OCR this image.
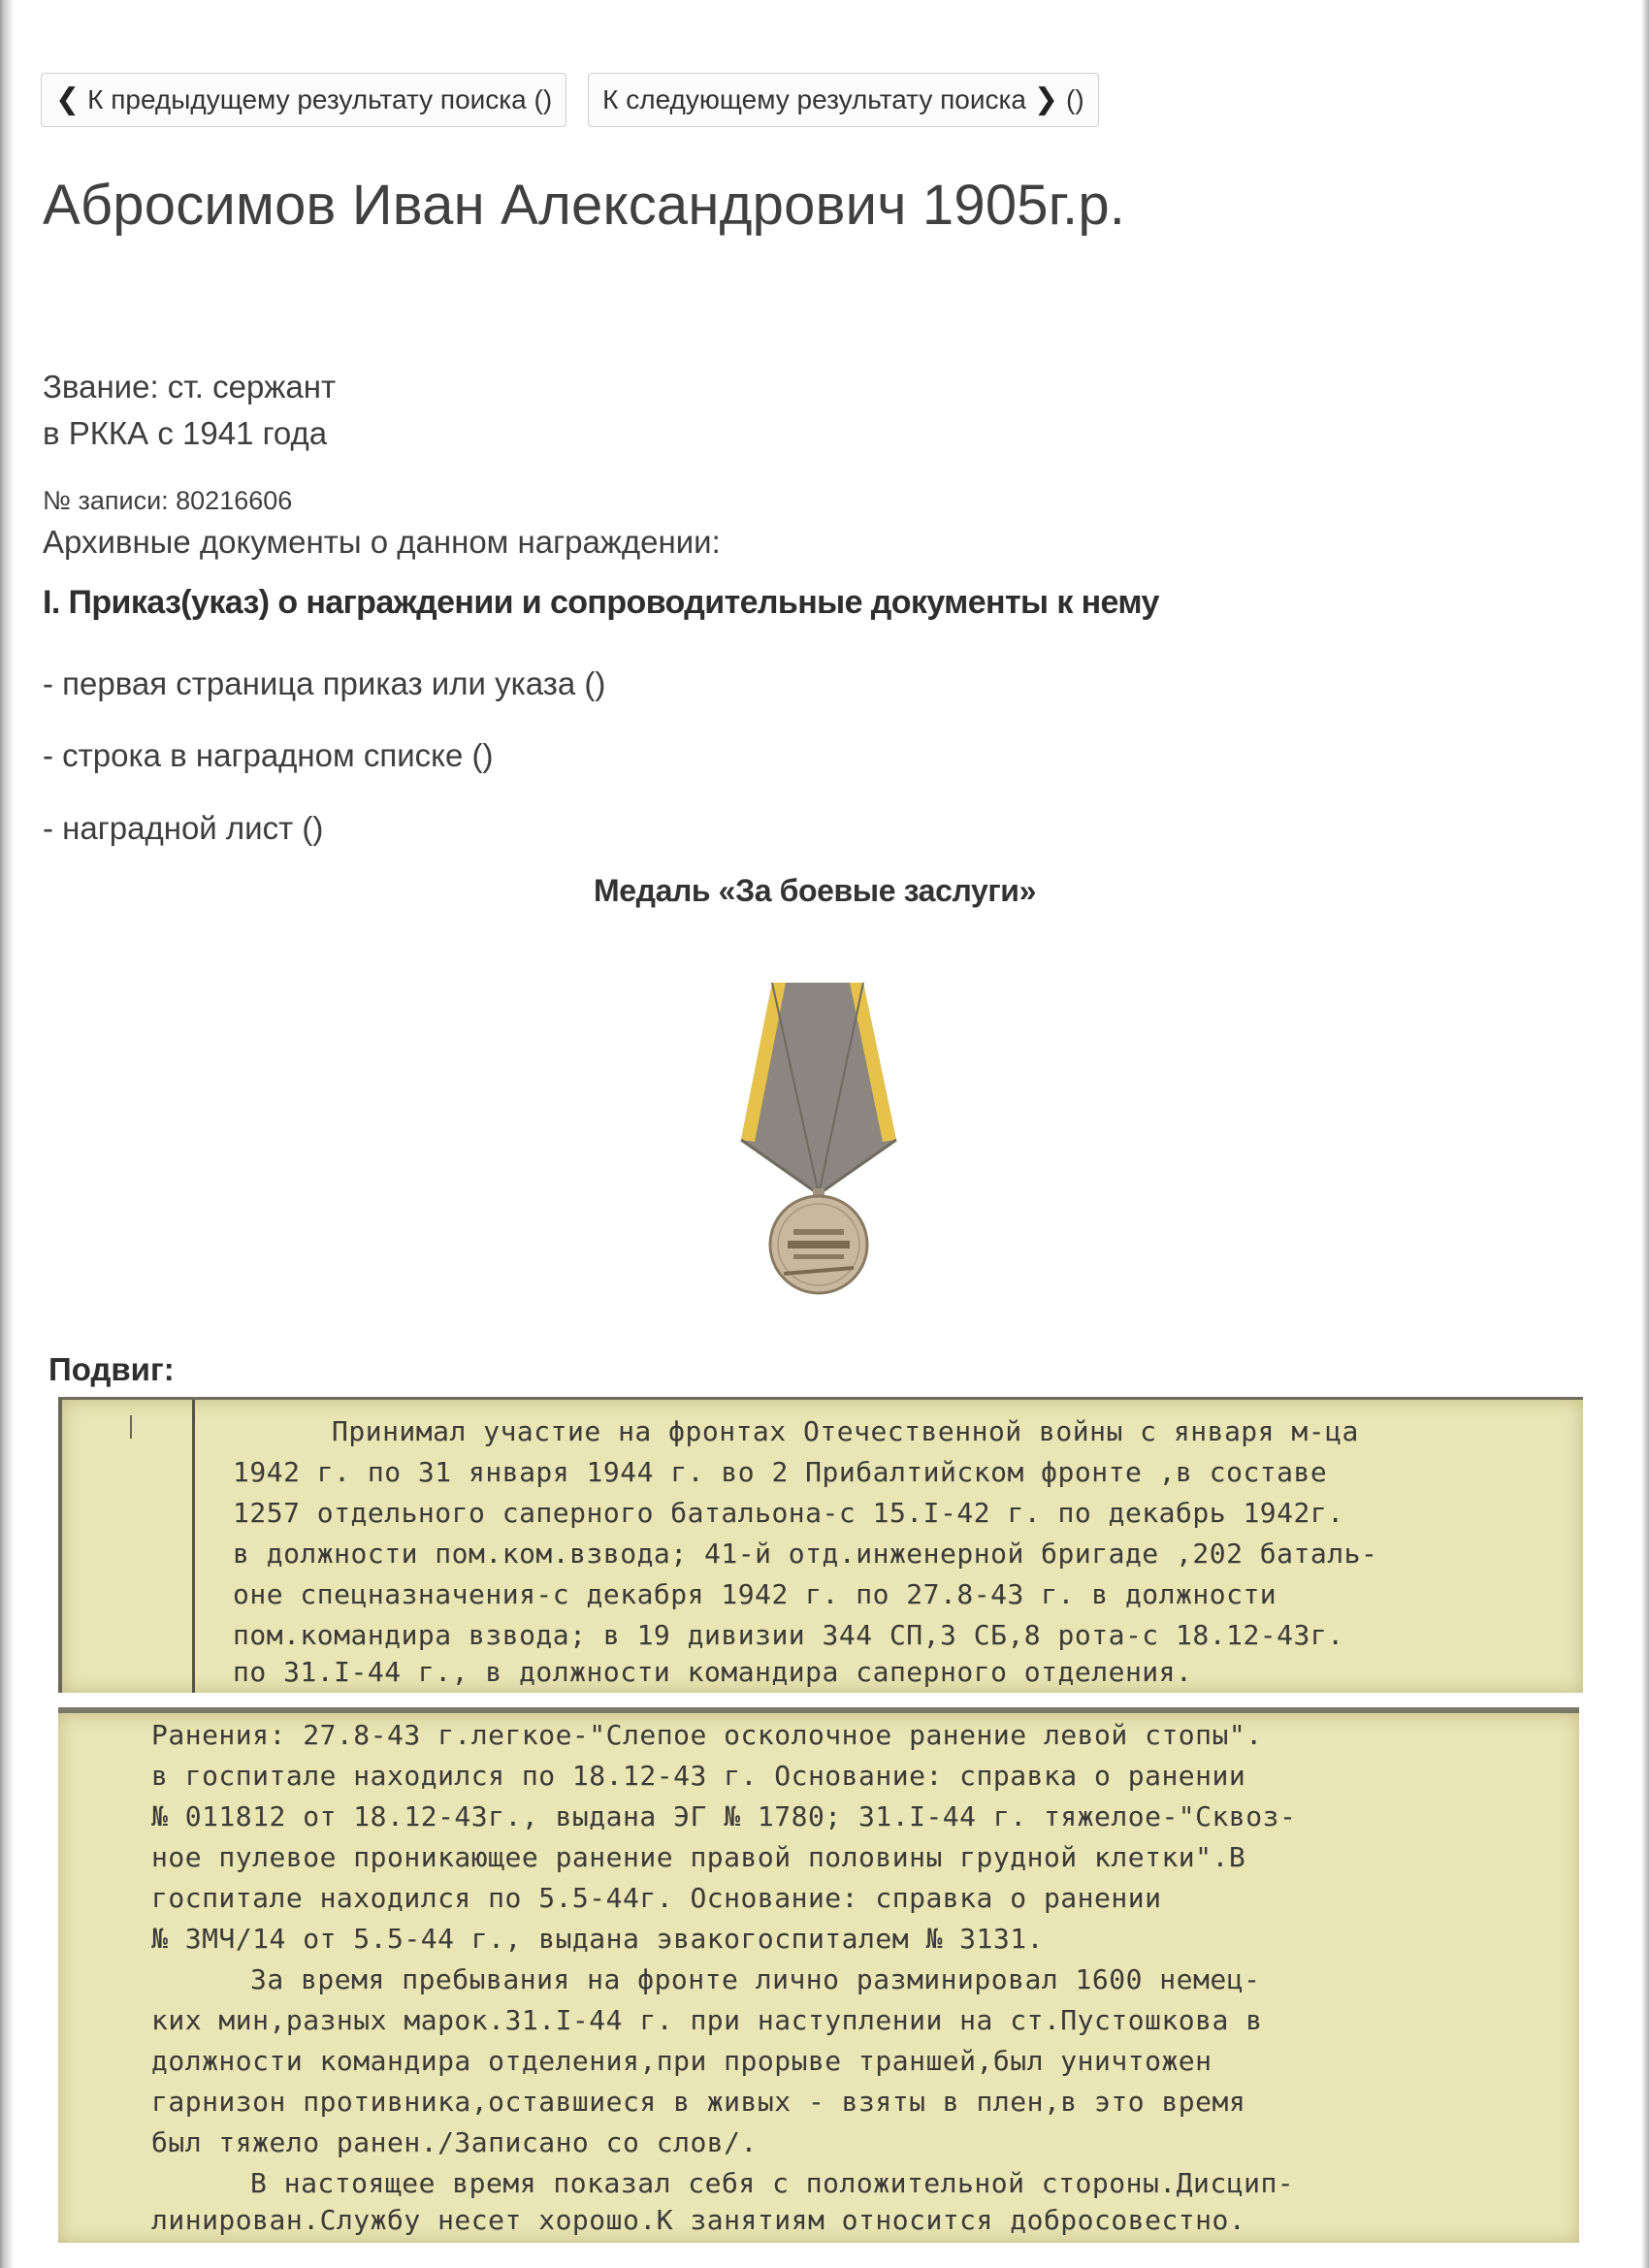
❮ К предыдущему результату поиска () К следующему результату поиска ❯ ()
Абросимов Иван Александрович 1905г.р.
Звание: ст. сержант
в РККА с 1941 года
№ записи: 80216606
Архивные документы о данном награждении:
I. Приказ(указ) о награждении и сопроводительные документы к нему
- первая страница приказ или указа ()
- строка в наградном списке ()
- наградной лист ()
Медаль «За боевые заслуги»
Подвиг:
Принимал участие на фронтах Отечественной войны с января м-ца
1942 г. по 31 января 1944 г. во 2 Прибалтийском фронте ,в составе
1257 отдельного саперного батальона-с 15.I-42 г. по декабрь 1942г.
в должности пом.ком.взвода; 41-й отд.инженерной бригаде ,202 баталь-
оне спецназначения-с декабря 1942 г. по 27.8-43 г. в должности
пом.командира взвода; в 19 дивизии 344 СП,3 СБ,8 рота-с 18.12-43г.
по 31.I-44 г., в должности командира саперного отделения.
Ранения: 27.8-43 г.легкое-"Слепое осколочное ранение левой стопы".
в госпитале находился по 18.12-43 г. Основание: справка о ранении
№ 011812 от 18.12-43г., выдана ЭГ № 1780; 31.I-44 г. тяжелое-"Сквоз-
ное пулевое проникающее ранение правой половины грудной клетки".В
госпитале находился по 5.5-44г. Основание: справка о ранении
№ 3МЧ/14 от 5.5-44 г., выдана эвакогоспиталем № 3131.
За время пребывания на фронте лично разминировал 1600 немец-
ких мин,разных марок.31.I-44 г. при наступлении на ст.Пустошкова в
должности командира отделения,при прорыве траншей,был уничтожен
гарнизон противника,оставшиеся в живых - взяты в плен,в это время
был тяжело ранен./Записано со слов/.
В настоящее время показал себя с положительной стороны.Дисцип-
линирован.Службу несет хорошо.К занятиям относится добросовестно.
